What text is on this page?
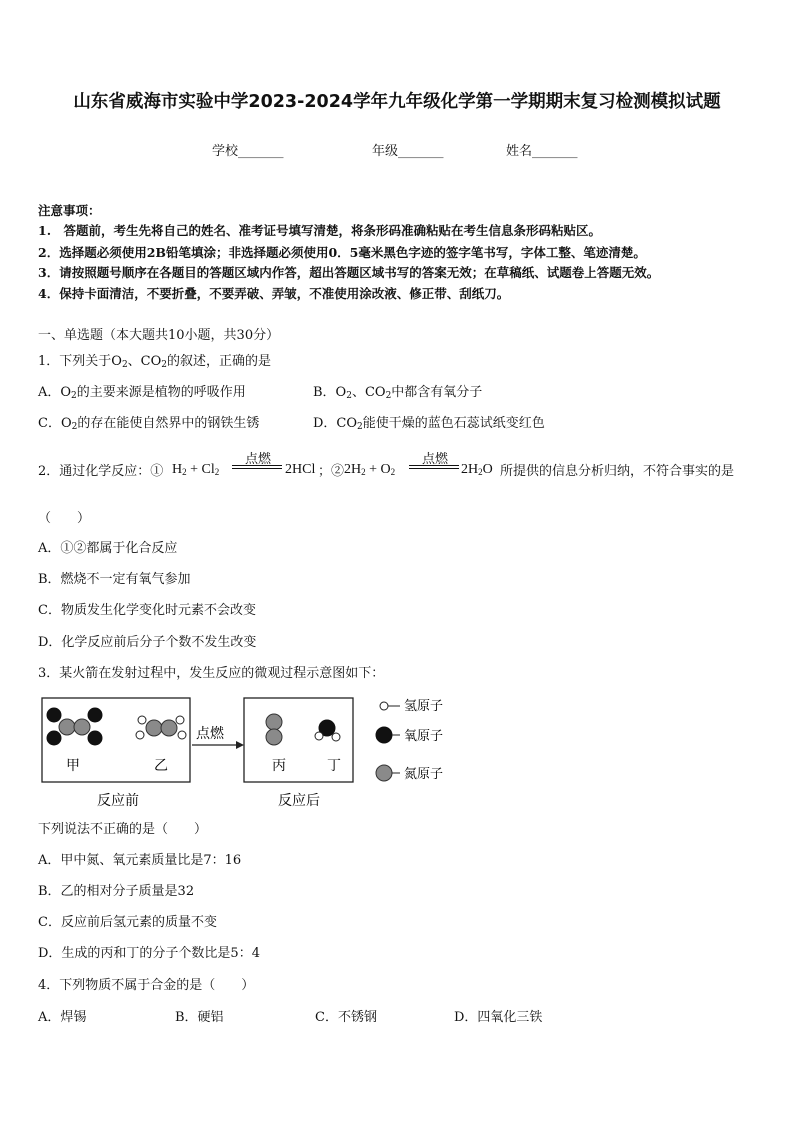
山东省威海市实验中学2023-2024学年九年级化学第一学期期末复习检测模拟试题
学校_______	年级_______	姓名_______
注意事项：
1.　答题前，考生先将自己的姓名、准考证号填写清楚，将条形码准确粘贴在考生信息条形码粘贴区。
2．选择题必须使用2B铅笔填涂；非选择题必须使用0．5毫米黑色字迹的签字笔书写，字体工整、笔迹清楚。
3．请按照题号顺序在各题目的答题区域内作答，超出答题区域书写的答案无效；在草稿纸、试题卷上答题无效。
4．保持卡面清洁，不要折叠，不要弄破、弄皱，不准使用涂改液、修正带、刮纸刀。
一、单选题（本大题共10小题，共30分）
1．下列关于$O_2$、$CO_2$的叙述，正确的是
A．$O_2$的主要来源是植物的呼吸作用	B．$O_2$、$CO_2$中都含有氧分子
C．$O_2$的存在能使自然界中的钢铁生锈	D．$CO_2$能使干燥的蓝色石蕊试纸变红色
2．通过化学反应：① $H_2 + Cl_2$
点燃
2HCl ；② $2H_2 + O_2$
点燃
$2H_2O$ 所提供的信息分析归纳，不符合事实的是
（　　）
A．①②都属于化合反应
B．燃烧不一定有氧气参加
C．物质发生化学变化时元素不会改变
D．化学反应前后分子个数不发生改变
3．某火箭在发射过程中，发生反应的微观过程示意图如下：
甲	乙
点燃
丙	丁
反应前	反应后
氢原子
氧原子
氮原子
下列说法不正确的是（　　）
A．甲中氮、氧元素质量比是7：16
B．乙的相对分子质量是32
C．反应前后氢元素的质量不变
D．生成的丙和丁的分子个数比是5：4
4．下列物质不属于合金的是（　　）
A．焊锡	B．硬铝	C．不锈钢	D．四氧化三铁
